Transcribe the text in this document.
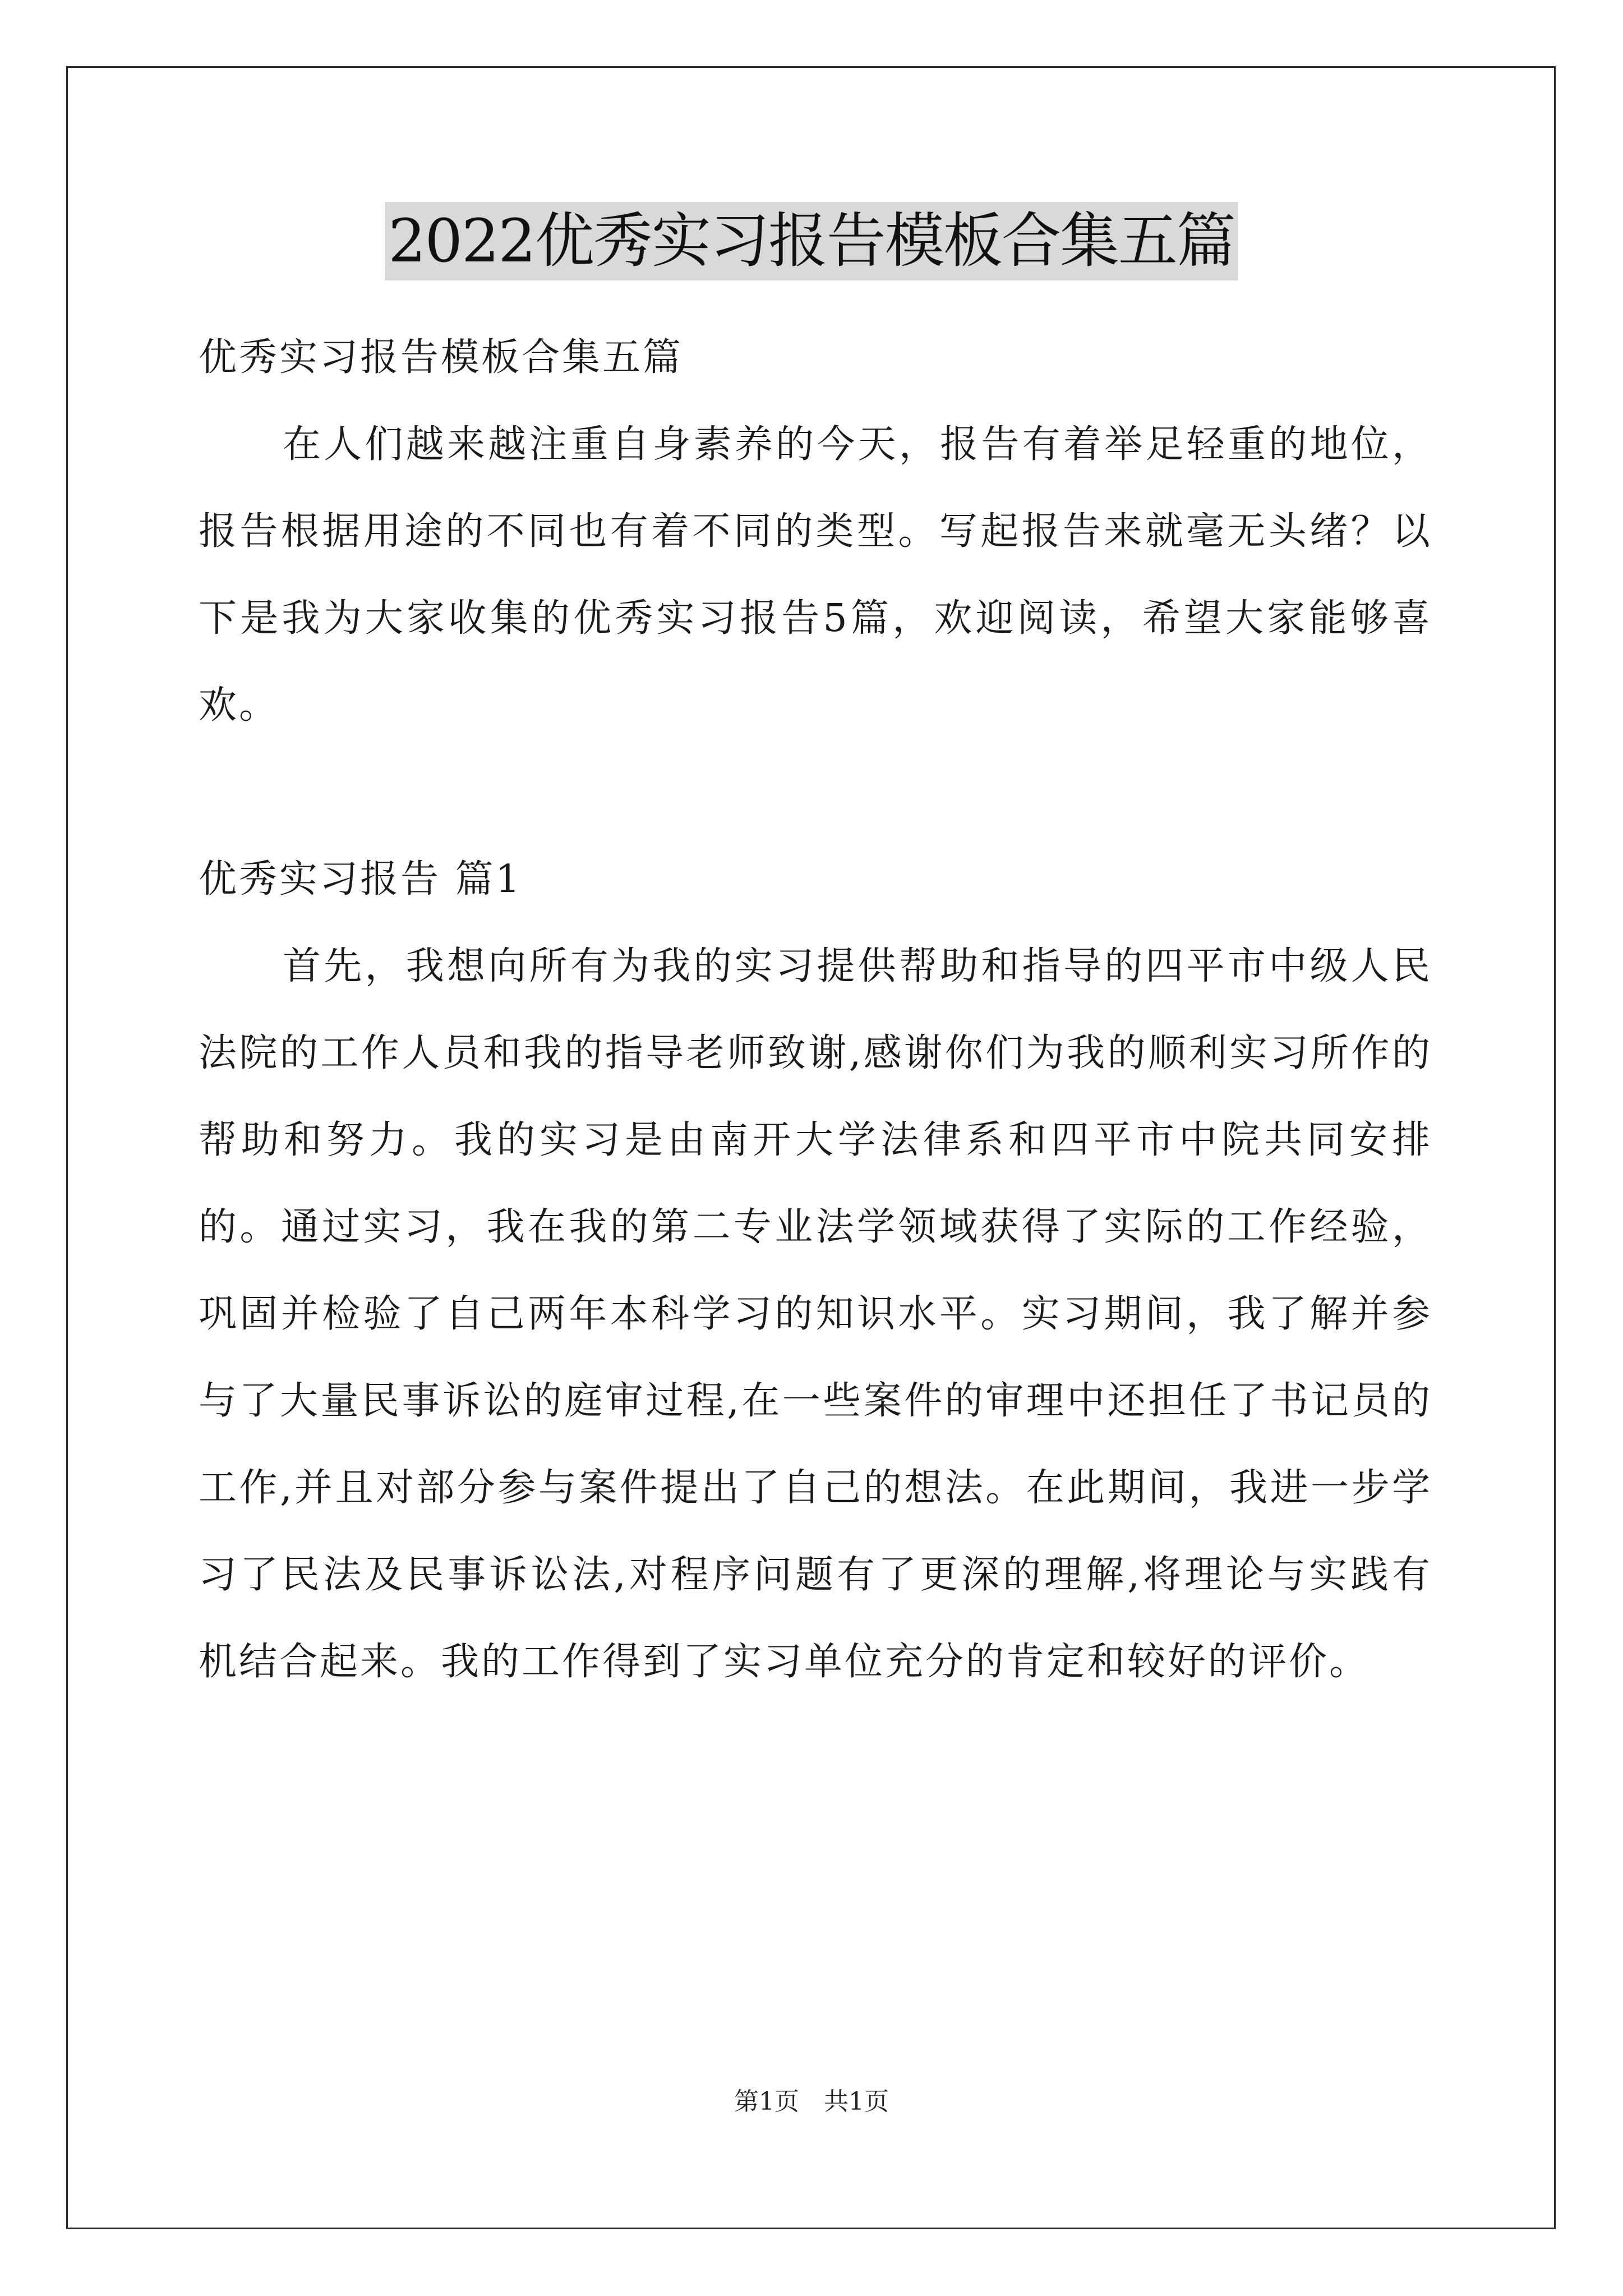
2022优秀实习报告模板合集五篇

优秀实习报告模板合集五篇

在人们越来越注重自身素养的今天，报告有着举足轻重的地位，报告根据用途的不同也有着不同的类型。写起报告来就毫无头绪？以下是我为大家收集的优秀实习报告5篇，欢迎阅读，希望大家能够喜欢。

优秀实习报告 篇1

首先，我想向所有为我的实习提供帮助和指导的四平市中级人民法院的工作人员和我的指导老师致谢,感谢你们为我的顺利实习所作的帮助和努力。我的实习是由南开大学法律系和四平市中院共同安排的。通过实习，我在我的第二专业法学领域获得了实际的工作经验，巩固并检验了自己两年本科学习的知识水平。实习期间，我了解并参与了大量民事诉讼的庭审过程,在一些案件的审理中还担任了书记员的工作,并且对部分参与案件提出了自己的想法。在此期间，我进一步学习了民法及民事诉讼法,对程序问题有了更深的理解,将理论与实践有机结合起来。我的工作得到了实习单位充分的肯定和较好的评价。

第1页　共1页
